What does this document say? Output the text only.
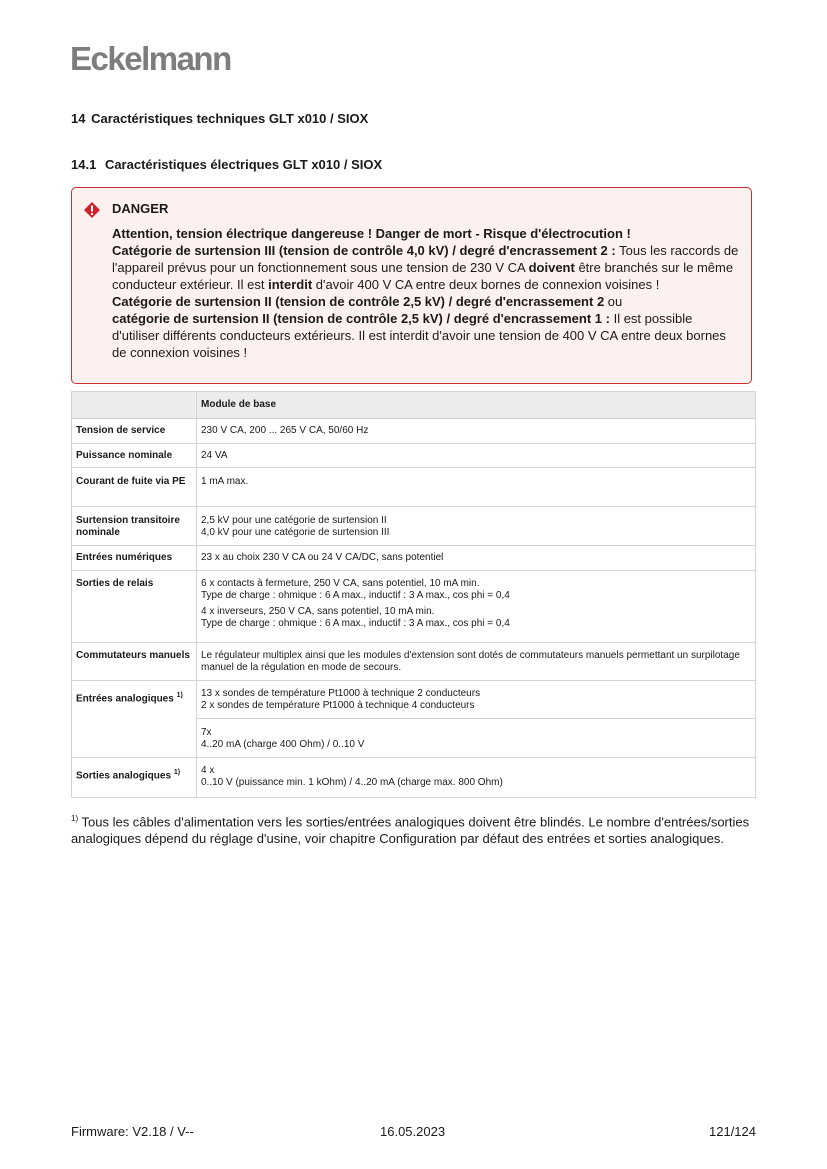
Eckelmann
14 Caractéristiques techniques GLT x010 / SIOX
14.1 Caractéristiques électriques GLT x010 / SIOX
DANGER

Attention, tension électrique dangereuse ! Danger de mort - Risque d'électrocution !

Catégorie de surtension III (tension de contrôle 4,0 kV) / degré d'encrassement 2 : Tous les raccords de l'appareil prévus pour un fonctionnement sous une tension de 230 V CA doivent être branchés sur le même conducteur extérieur. Il est interdit d'avoir 400 V CA entre deux bornes de connexion voisines !

Catégorie de surtension II (tension de contrôle 2,5 kV) / degré d'encrassement 2 ou
catégorie de surtension II (tension de contrôle 2,5 kV) / degré d'encrassement 1 : Il est possible d'utiliser différents conducteurs extérieurs. Il est interdit d'avoir une tension de 400 V CA entre deux bornes de connexion voisines !

	Module de base
Tension de service	230 V CA, 200 ... 265 V CA, 50/60 Hz
Puissance nominale	24 VA
Courant de fuite via PE	1 mA max.
Surtension transitoire nominale	2,5 kV pour une catégorie de surtension II
4,0 kV pour une catégorie de surtension III

Entrées numériques	23 x au choix 230 V CA ou 24 V CA/DC, sans potentiel
Sorties de relais	6 x contacts à fermeture, 250 V CA, sans potentiel, 10 mA min.
Type de charge : ohmique : 6 A max., inductif : 3 A max., cos phi = 0,4
4 x inverseurs, 250 V CA, sans potentiel, 10 mA min.
Type de charge : ohmique : 6 A max., inductif : 3 A max., cos phi = 0,4

Commutateurs manuels	Le régulateur multiplex ainsi que les modules d'extension sont dotés de commutateurs manuels permettant un surpilotage manuel de la régulation en mode de secours.
Entrées analogiques $^{1)}$	13 x sondes de température Pt1000 à technique 2 conducteurs
2 x sondes de température Pt1000 à technique 4 conducteurs

	7x
4..20 mA (charge 400 Ohm) / 0..10 V

Sorties analogiques $^{1)}$	4 x
0..10 V (puissance min. 1 kOhm) / 4..20 mA (charge max. 800 Ohm)
$^{1)}$ Tous les câbles d'alimentation vers les sorties/entrées analogiques doivent être blindés. Le nombre d'entrées/sorties analogiques dépend du réglage d'usine, voir chapitre Configuration par défaut des entrées et sorties analogiques.
Firmware: V2.18 / V--	16.05.2023	121/124
